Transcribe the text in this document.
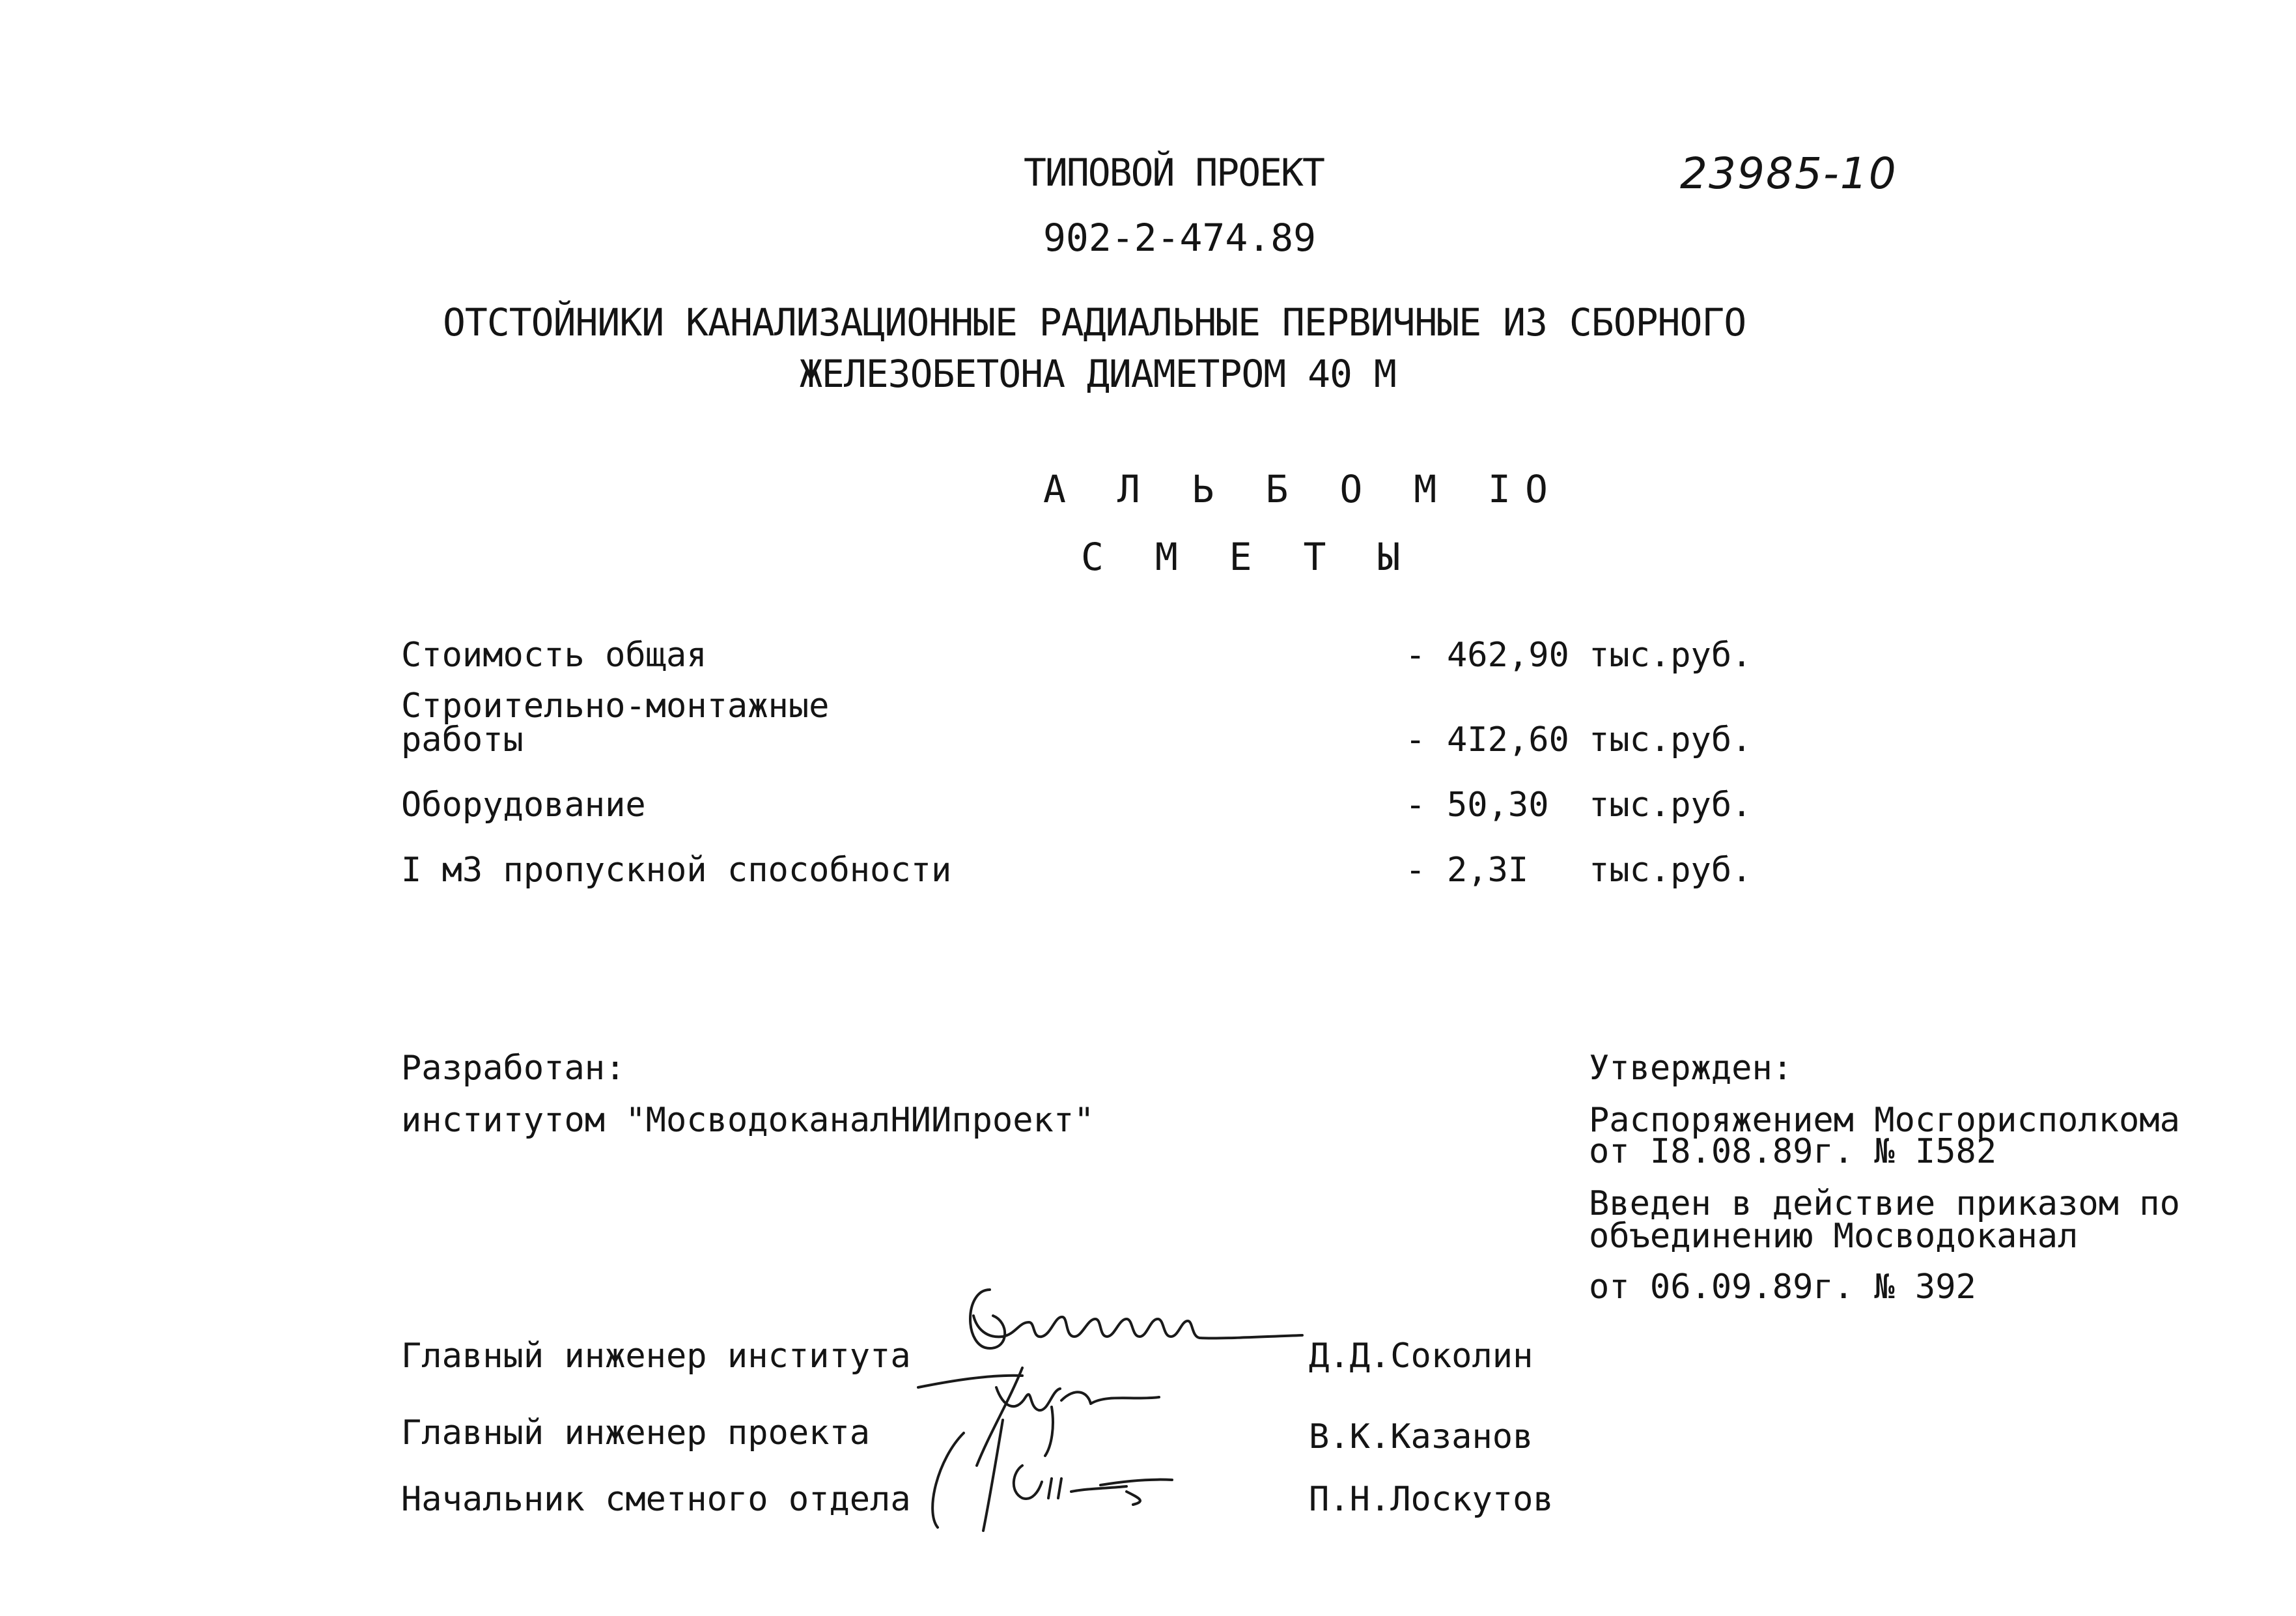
ТИПОВОЙ ПРОЕКТ	23985-10
902-2-474.89
ОТСТОЙНИКИ КАНАЛИЗАЦИОННЫЕ РАДИАЛЬНЫЕ ПЕРВИЧНЫЕ ИЗ СБОРНОГО
ЖЕЛЕЗОБЕТОНА ДИАМЕТРОМ 40 М
А Л Ь Б О М IO
С М Е Т Ы
Стоимость общая	- 462,90 тыс.руб.
Строительно-монтажные
работы	- 4I2,60 тыс.руб.
Оборудование	- 50,30 тыс.руб.
I м3 пропускной способности	- 2,3I тыс.руб.
Разработан:
институтом "МосводоканалНИИпроект"
Утвержден:
Распоряжением Мосгорисполкома
от I8.08.89г. № I582
Введен в действие приказом по
объединению Мосводоканал
от 06.09.89г. № 392
Главный инженер института	Д.Д.Соколин
Главный инженер проекта	В.К.Казанов
Начальник сметного отдела	П.Н.Лоскутов
